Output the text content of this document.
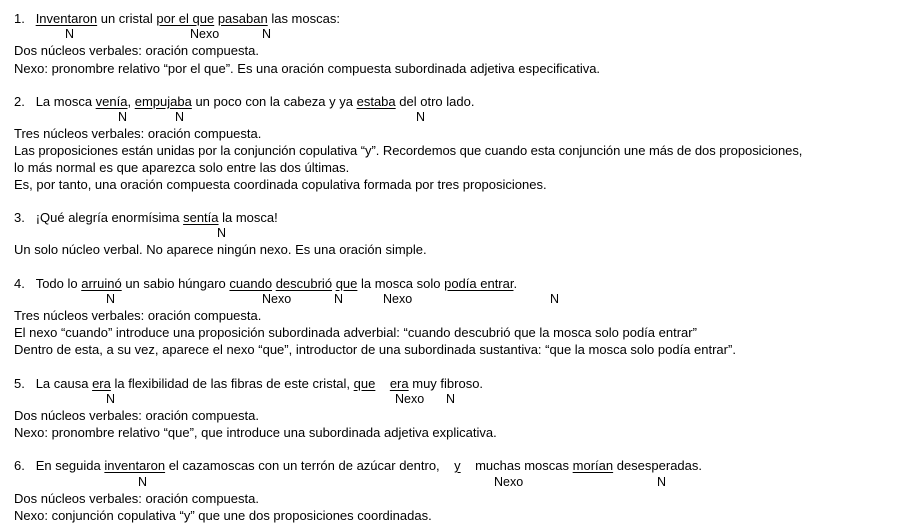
1. Inventaron un cristal por el que pasaban las moscas:
N	Nexo	N
Dos núcleos verbales: oración compuesta.
Nexo: pronombre relativo “por el que”. Es una oración compuesta subordinada adjetiva especificativa.
2. La mosca venía, empujaba un poco con la cabeza y ya estaba del otro lado.
N	N	N
Tres núcleos verbales: oración compuesta.
Las proposiciones están unidas por la conjunción copulativa “y”. Recordemos que cuando esta conjunción une más de dos proposiciones,
lo más normal es que aparezca solo entre las dos últimas.
Es, por tanto, una oración compuesta coordinada copulativa formada por tres proposiciones.
3. ¡Qué alegría enormísima sentía la mosca!
N
Un solo núcleo verbal. No aparece ningún nexo. Es una oración simple.
4. Todo lo arruinó un sabio húngaro cuando descubrió que la mosca solo podía entrar.
N	Nexo	N	Nexo	N
Tres núcleos verbales: oración compuesta.
El nexo “cuando” introduce una proposición subordinada adverbial: “cuando descubrió que la mosca solo podía entrar”
Dentro de esta, a su vez, aparece el nexo “que”, introductor de una subordinada sustantiva: “que la mosca solo podía entrar”.
5. La causa era la flexibilidad de las fibras de este cristal, que era muy fibroso.
N	Nexo N
Dos núcleos verbales: oración compuesta.
Nexo: pronombre relativo “que”, que introduce una subordinada adjetiva explicativa.
6. En seguida inventaron el cazamoscas con un terrón de azúcar dentro,    y    muchas moscas morían desesperadas.
N	Nexo	N
Dos núcleos verbales: oración compuesta.
Nexo: conjunción copulativa “y” que une dos proposiciones coordinadas.
